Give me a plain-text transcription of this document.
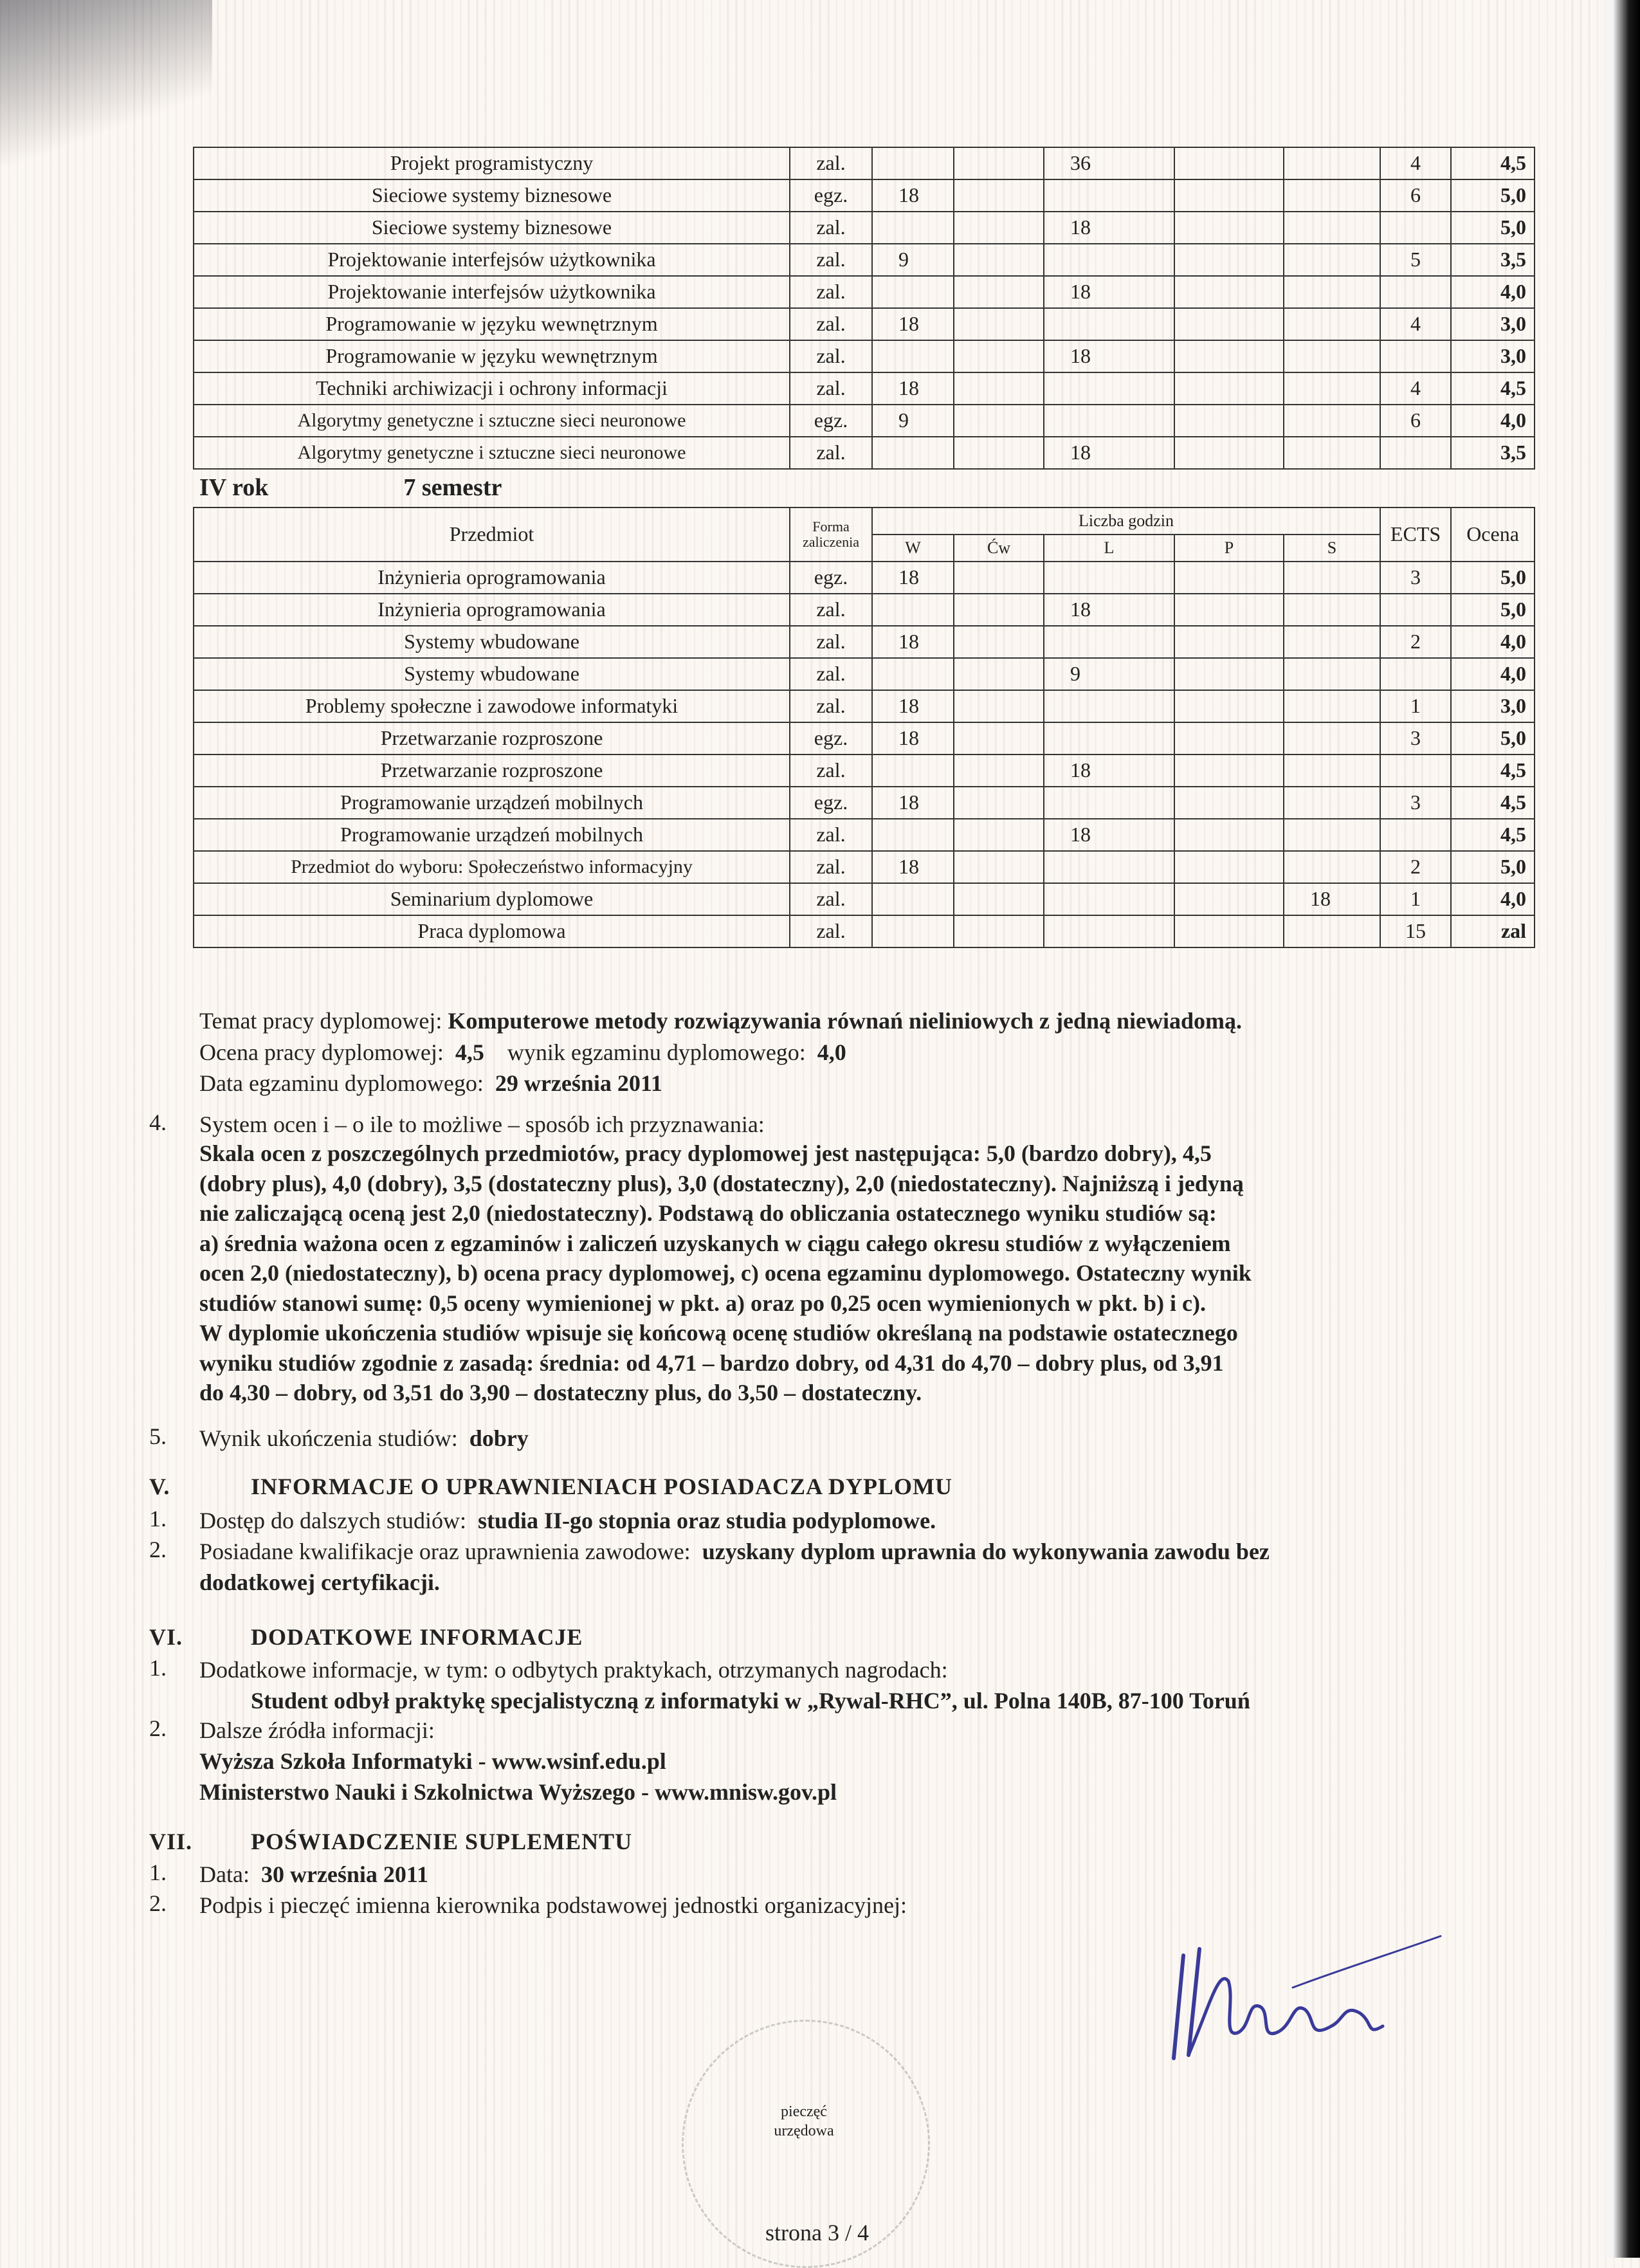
Projekt programistyczny	zal.			36			4	4,5
Sieciowe systemy biznesowe	egz.	18					6	5,0
Sieciowe systemy biznesowe	zal.			18				5,0
Projektowanie interfejsów użytkownika	zal.	9					5	3,5
Projektowanie interfejsów użytkownika	zal.			18				4,0
Programowanie w języku wewnętrznym	zal.	18					4	3,0
Programowanie w języku wewnętrznym	zal.			18				3,0
Techniki archiwizacji i ochrony informacji	zal.	18					4	4,5
Algorytmy genetyczne i sztuczne sieci neuronowe	egz.	9					6	4,0
Algorytmy genetyczne i sztuczne sieci neuronowe	zal.			18				3,5
IV rok	7 semestr
Przedmiot	Forma zaliczenia	Liczba godzin					ECTS	Ocena
		W	Ćw	L	P	S		
Inżynieria oprogramowania	egz.	18					3	5,0
Inżynieria oprogramowania	zal.			18				5,0
Systemy wbudowane	zal.	18					2	4,0
Systemy wbudowane	zal.			9				4,0
Problemy społeczne i zawodowe informatyki	zal.	18					1	3,0
Przetwarzanie rozproszone	egz.	18					3	5,0
Przetwarzanie rozproszone	zal.			18				4,5
Programowanie urządzeń mobilnych	egz.	18					3	4,5
Programowanie urządzeń mobilnych	zal.			18				4,5
Przedmiot do wyboru: Społeczeństwo informacyjny	zal.	18					2	5,0
Seminarium dyplomowe	zal.					18	1	4,0
Praca dyplomowa	zal.						15	zal
Temat pracy dyplomowej: Komputerowe metody rozwiązywania równań nieliniowych z jedną niewiadomą.
Ocena pracy dyplomowej: 4,5 wynik egzaminu dyplomowego: 4,0
Data egzaminu dyplomowego: 29 września 2011
4. System ocen i – o ile to możliwe – sposób ich przyznawania:
Skala ocen z poszczególnych przedmiotów, pracy dyplomowej jest następująca: 5,0 (bardzo dobry), 4,5
(dobry plus), 4,0 (dobry), 3,5 (dostateczny plus), 3,0 (dostateczny), 2,0 (niedostateczny). Najniższą i jedyną
nie zaliczającą oceną jest 2,0 (niedostateczny). Podstawą do obliczania ostatecznego wyniku studiów są:
a) średnia ważona ocen z egzaminów i zaliczeń uzyskanych w ciągu całego okresu studiów z wyłączeniem
ocen 2,0 (niedostateczny), b) ocena pracy dyplomowej, c) ocena egzaminu dyplomowego. Ostateczny wynik
studiów stanowi sumę: 0,5 oceny wymienionej w pkt. a) oraz po 0,25 ocen wymienionych w pkt. b) i c).
W dyplomie ukończenia studiów wpisuje się końcową ocenę studiów określaną na podstawie ostatecznego
wyniku studiów zgodnie z zasadą: średnia: od 4,71 – bardzo dobry, od 4,31 do 4,70 – dobry plus, od 3,91
do 4,30 – dobry, od 3,51 do 3,90 – dostateczny plus, do 3,50 – dostateczny.
5. Wynik ukończenia studiów: dobry
V.	INFORMACJE O UPRAWNIENIACH POSIADACZA DYPLOMU
1. Dostęp do dalszych studiów: studia II-go stopnia oraz studia podyplomowe.
2. Posiadane kwalifikacje oraz uprawnienia zawodowe: uzyskany dyplom uprawnia do wykonywania zawodu bez
dodatkowej certyfikacji.
VI.	DODATKOWE INFORMACJE
1. Dodatkowe informacje, w tym: o odbytych praktykach, otrzymanych nagrodach:
Student odbył praktykę specjalistyczną z informatyki w „Rywal-RHC”, ul. Polna 140B, 87-100 Toruń
2. Dalsze źródła informacji:
Wyższa Szkoła Informatyki - www.wsinf.edu.pl
Ministerstwo Nauki i Szkolnictwa Wyższego - www.mnisw.gov.pl
VII.	POŚWIADCZENIE SUPLEMENTU
1. Data: 30 września 2011
2. Podpis i pieczęć imienna kierownika podstawowej jednostki organizacyjnej:
pieczęć
urzędowa
strona 3 / 4
